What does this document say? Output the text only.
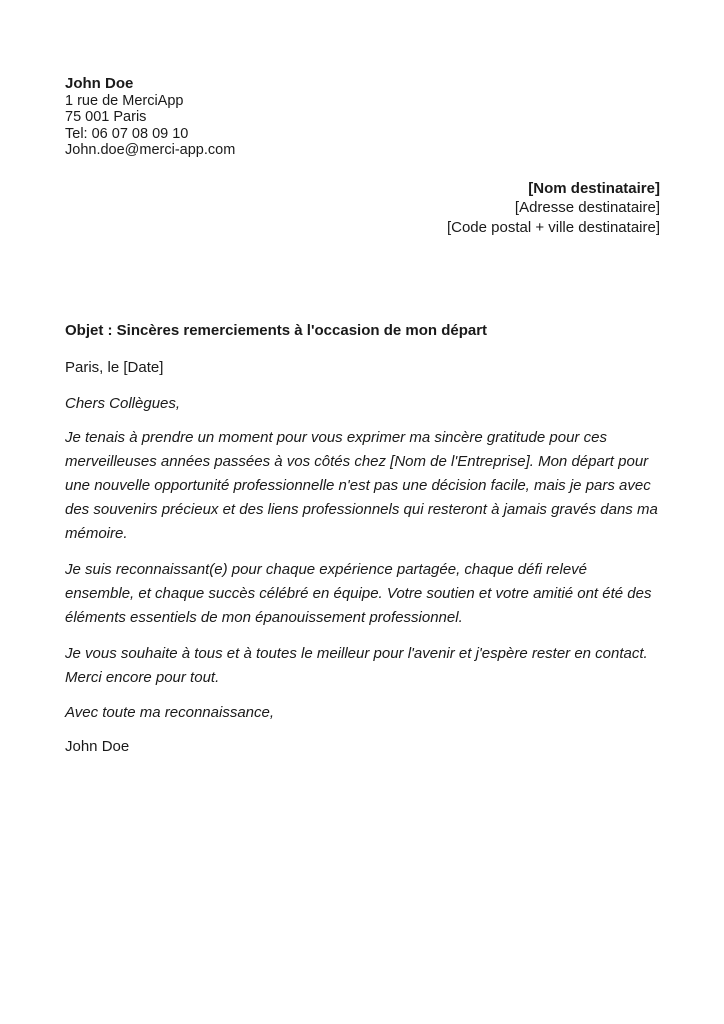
John Doe
1 rue de MerciApp
75 001 Paris
Tel: 06 07 08 09 10
John.doe@merci-app.com
[Nom destinataire]
[Adresse destinataire]
[Code postal + ville destinataire]
Objet : Sincères remerciements à l'occasion de mon départ
Paris, le [Date]
Chers Collègues,

Je tenais à prendre un moment pour vous exprimer ma sincère gratitude pour ces merveilleuses années passées à vos côtés chez [Nom de l'Entreprise]. Mon départ pour une nouvelle opportunité professionnelle n'est pas une décision facile, mais je pars avec des souvenirs précieux et des liens professionnels qui resteront à jamais gravés dans ma mémoire.

Je suis reconnaissant(e) pour chaque expérience partagée, chaque défi relevé ensemble, et chaque succès célébré en équipe. Votre soutien et votre amitié ont été des éléments essentiels de mon épanouissement professionnel.

Je vous souhaite à tous et à toutes le meilleur pour l'avenir et j'espère rester en contact. Merci encore pour tout.

Avec toute ma reconnaissance,
John Doe
